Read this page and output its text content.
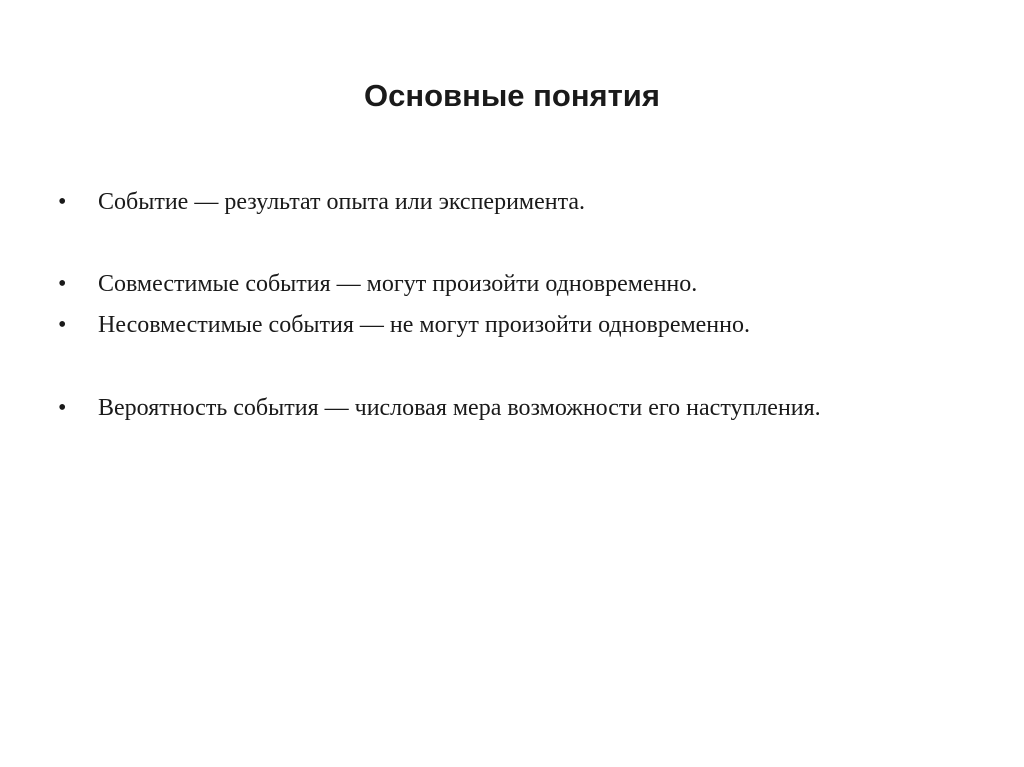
Основные понятия
•	Событие — результат опыта или эксперимента.
•	Совместимые события — могут произойти одновременно.
•	Несовместимые события — не могут произойти одновременно.
•	Вероятность события — числовая мера возможности его наступления.
